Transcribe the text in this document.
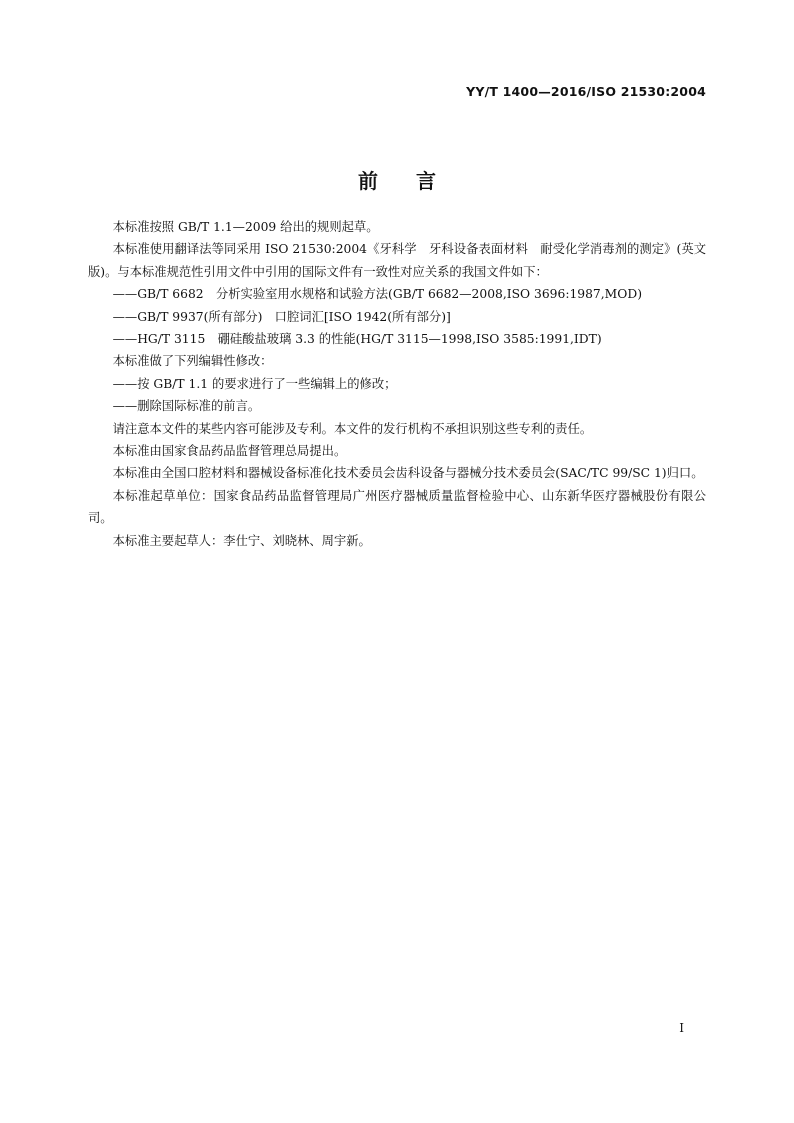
YY/T 1400—2016/ISO 21530:2004
前言

本标准按照 GB/T 1.1—2009 给出的规则起草。

本标准使用翻译法等同采用 ISO 21530:2004《牙科学　牙科设备表面材料　耐受化学消毒剂的测定》(英文版)。与本标准规范性引用文件中引用的国际文件有一致性对应关系的我国文件如下：

——GB/T 6682　分析实验室用水规格和试验方法(GB/T 6682—2008,ISO 3696:1987,MOD)

——GB/T 9937(所有部分)　口腔词汇[ISO 1942(所有部分)]

——HG/T 3115　硼硅酸盐玻璃 3.3 的性能(HG/T 3115—1998,ISO 3585:1991,IDT)

本标准做了下列编辑性修改：

——按 GB/T 1.1 的要求进行了一些编辑上的修改；

——删除国际标准的前言。

请注意本文件的某些内容可能涉及专利。本文件的发行机构不承担识别这些专利的责任。

本标准由国家食品药品监督管理总局提出。

本标准由全国口腔材料和器械设备标准化技术委员会齿科设备与器械分技术委员会(SAC/TC 99/SC 1)归口。

本标准起草单位：国家食品药品监督管理局广州医疗器械质量监督检验中心、山东新华医疗器械股份有限公司。

本标准主要起草人：李仕宁、刘晓林、周宇新。

I
